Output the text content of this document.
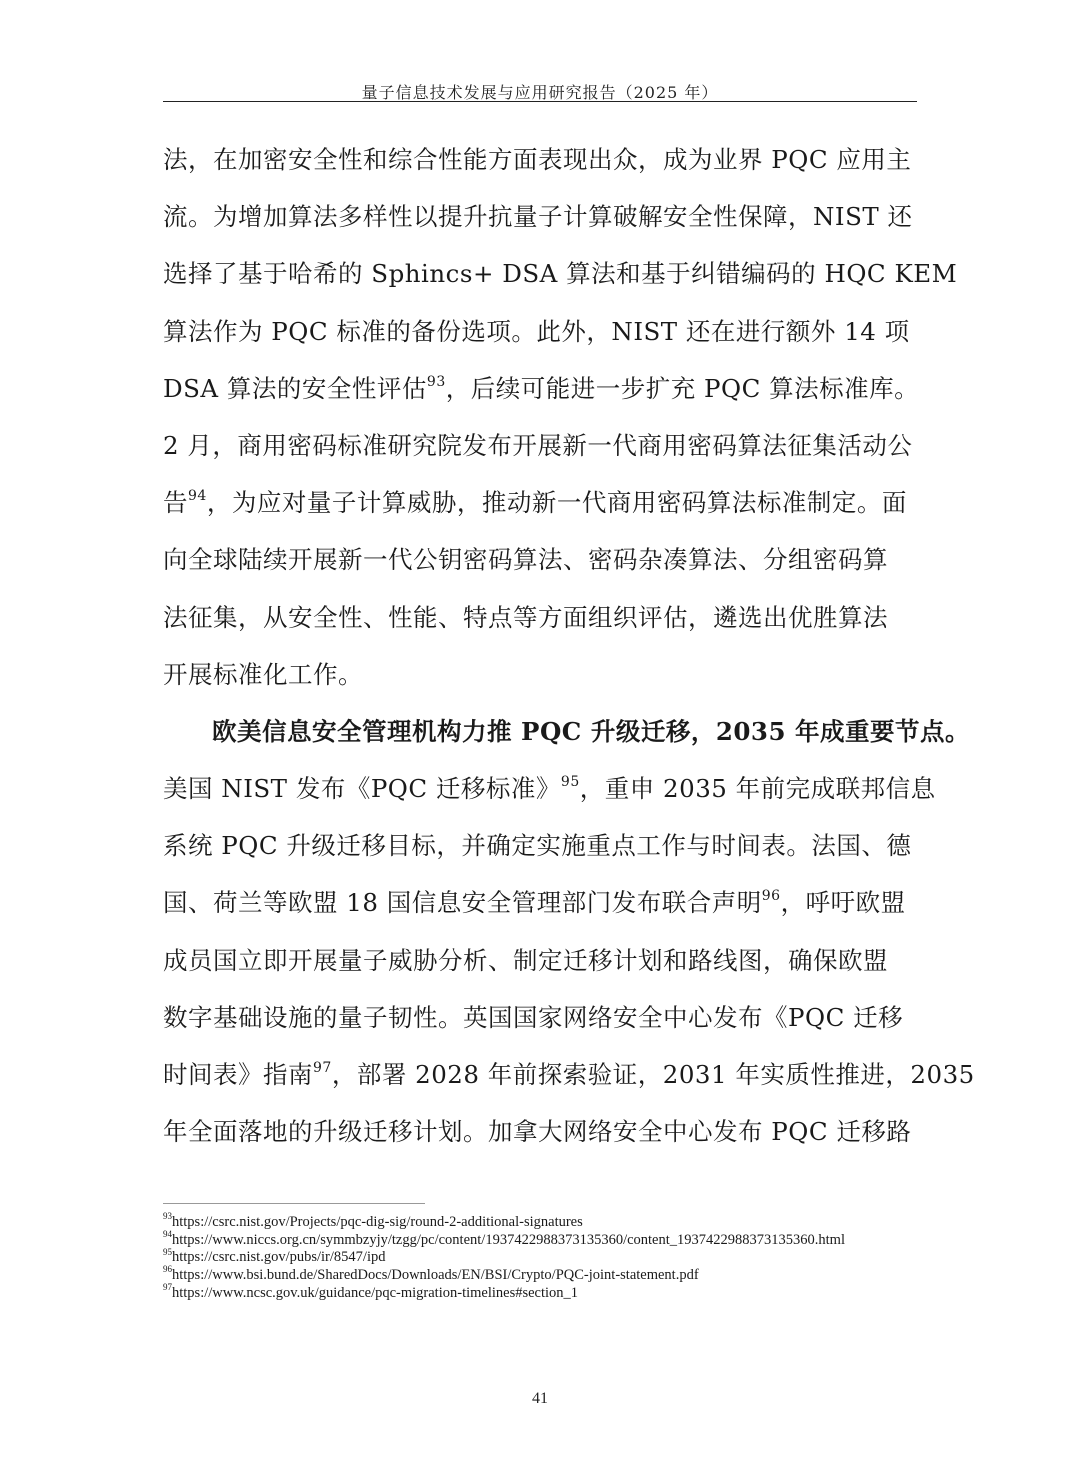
量子信息技术发展与应用研究报告（2025 年）
法，在加密安全性和综合性能方面表现出众，成为业界 PQC 应用主
流。为增加算法多样性以提升抗量子计算破解安全性保障，NIST 还
选择了基于哈希的 Sphincs+ DSA 算法和基于纠错编码的 HQC KEM
算法作为 PQC 标准的备份选项。此外，NIST 还在进行额外 14 项
DSA 算法的安全性评估$^{93}$，后续可能进一步扩充 PQC 算法标准库。
2 月，商用密码标准研究院发布开展新一代商用密码算法征集活动公
告$^{94}$，为应对量子计算威胁，推动新一代商用密码算法标准制定。面
向全球陆续开展新一代公钥密码算法、密码杂凑算法、分组密码算
法征集，从安全性、性能、特点等方面组织评估，遴选出优胜算法
开展标准化工作。
欧美信息安全管理机构力推 PQC 升级迁移，2035 年成重要节点。
美国 NIST 发布《PQC 迁移标准》$^{95}$，重申 2035 年前完成联邦信息
系统 PQC 升级迁移目标，并确定实施重点工作与时间表。法国、德
国、荷兰等欧盟 18 国信息安全管理部门发布联合声明$^{96}$，呼吁欧盟
成员国立即开展量子威胁分析、制定迁移计划和路线图，确保欧盟
数字基础设施的量子韧性。英国国家网络安全中心发布《PQC 迁移
时间表》指南$^{97}$，部署 2028 年前探索验证，2031 年实质性推进，2035
年全面落地的升级迁移计划。加拿大网络安全中心发布 PQC 迁移路
$^{93}$https://csrc.nist.gov/Projects/pqc-dig-sig/round-2-additional-signatures
$^{94}$https://www.niccs.org.cn/symmbzyjy/tzgg/pc/content/1937422988373135360/content_1937422988373135360.html
$^{95}$https://csrc.nist.gov/pubs/ir/8547/ipd
$^{96}$https://www.bsi.bund.de/SharedDocs/Downloads/EN/BSI/Crypto/PQC-joint-statement.pdf
$^{97}$https://www.ncsc.gov.uk/guidance/pqc-migration-timelines#section_1
41
